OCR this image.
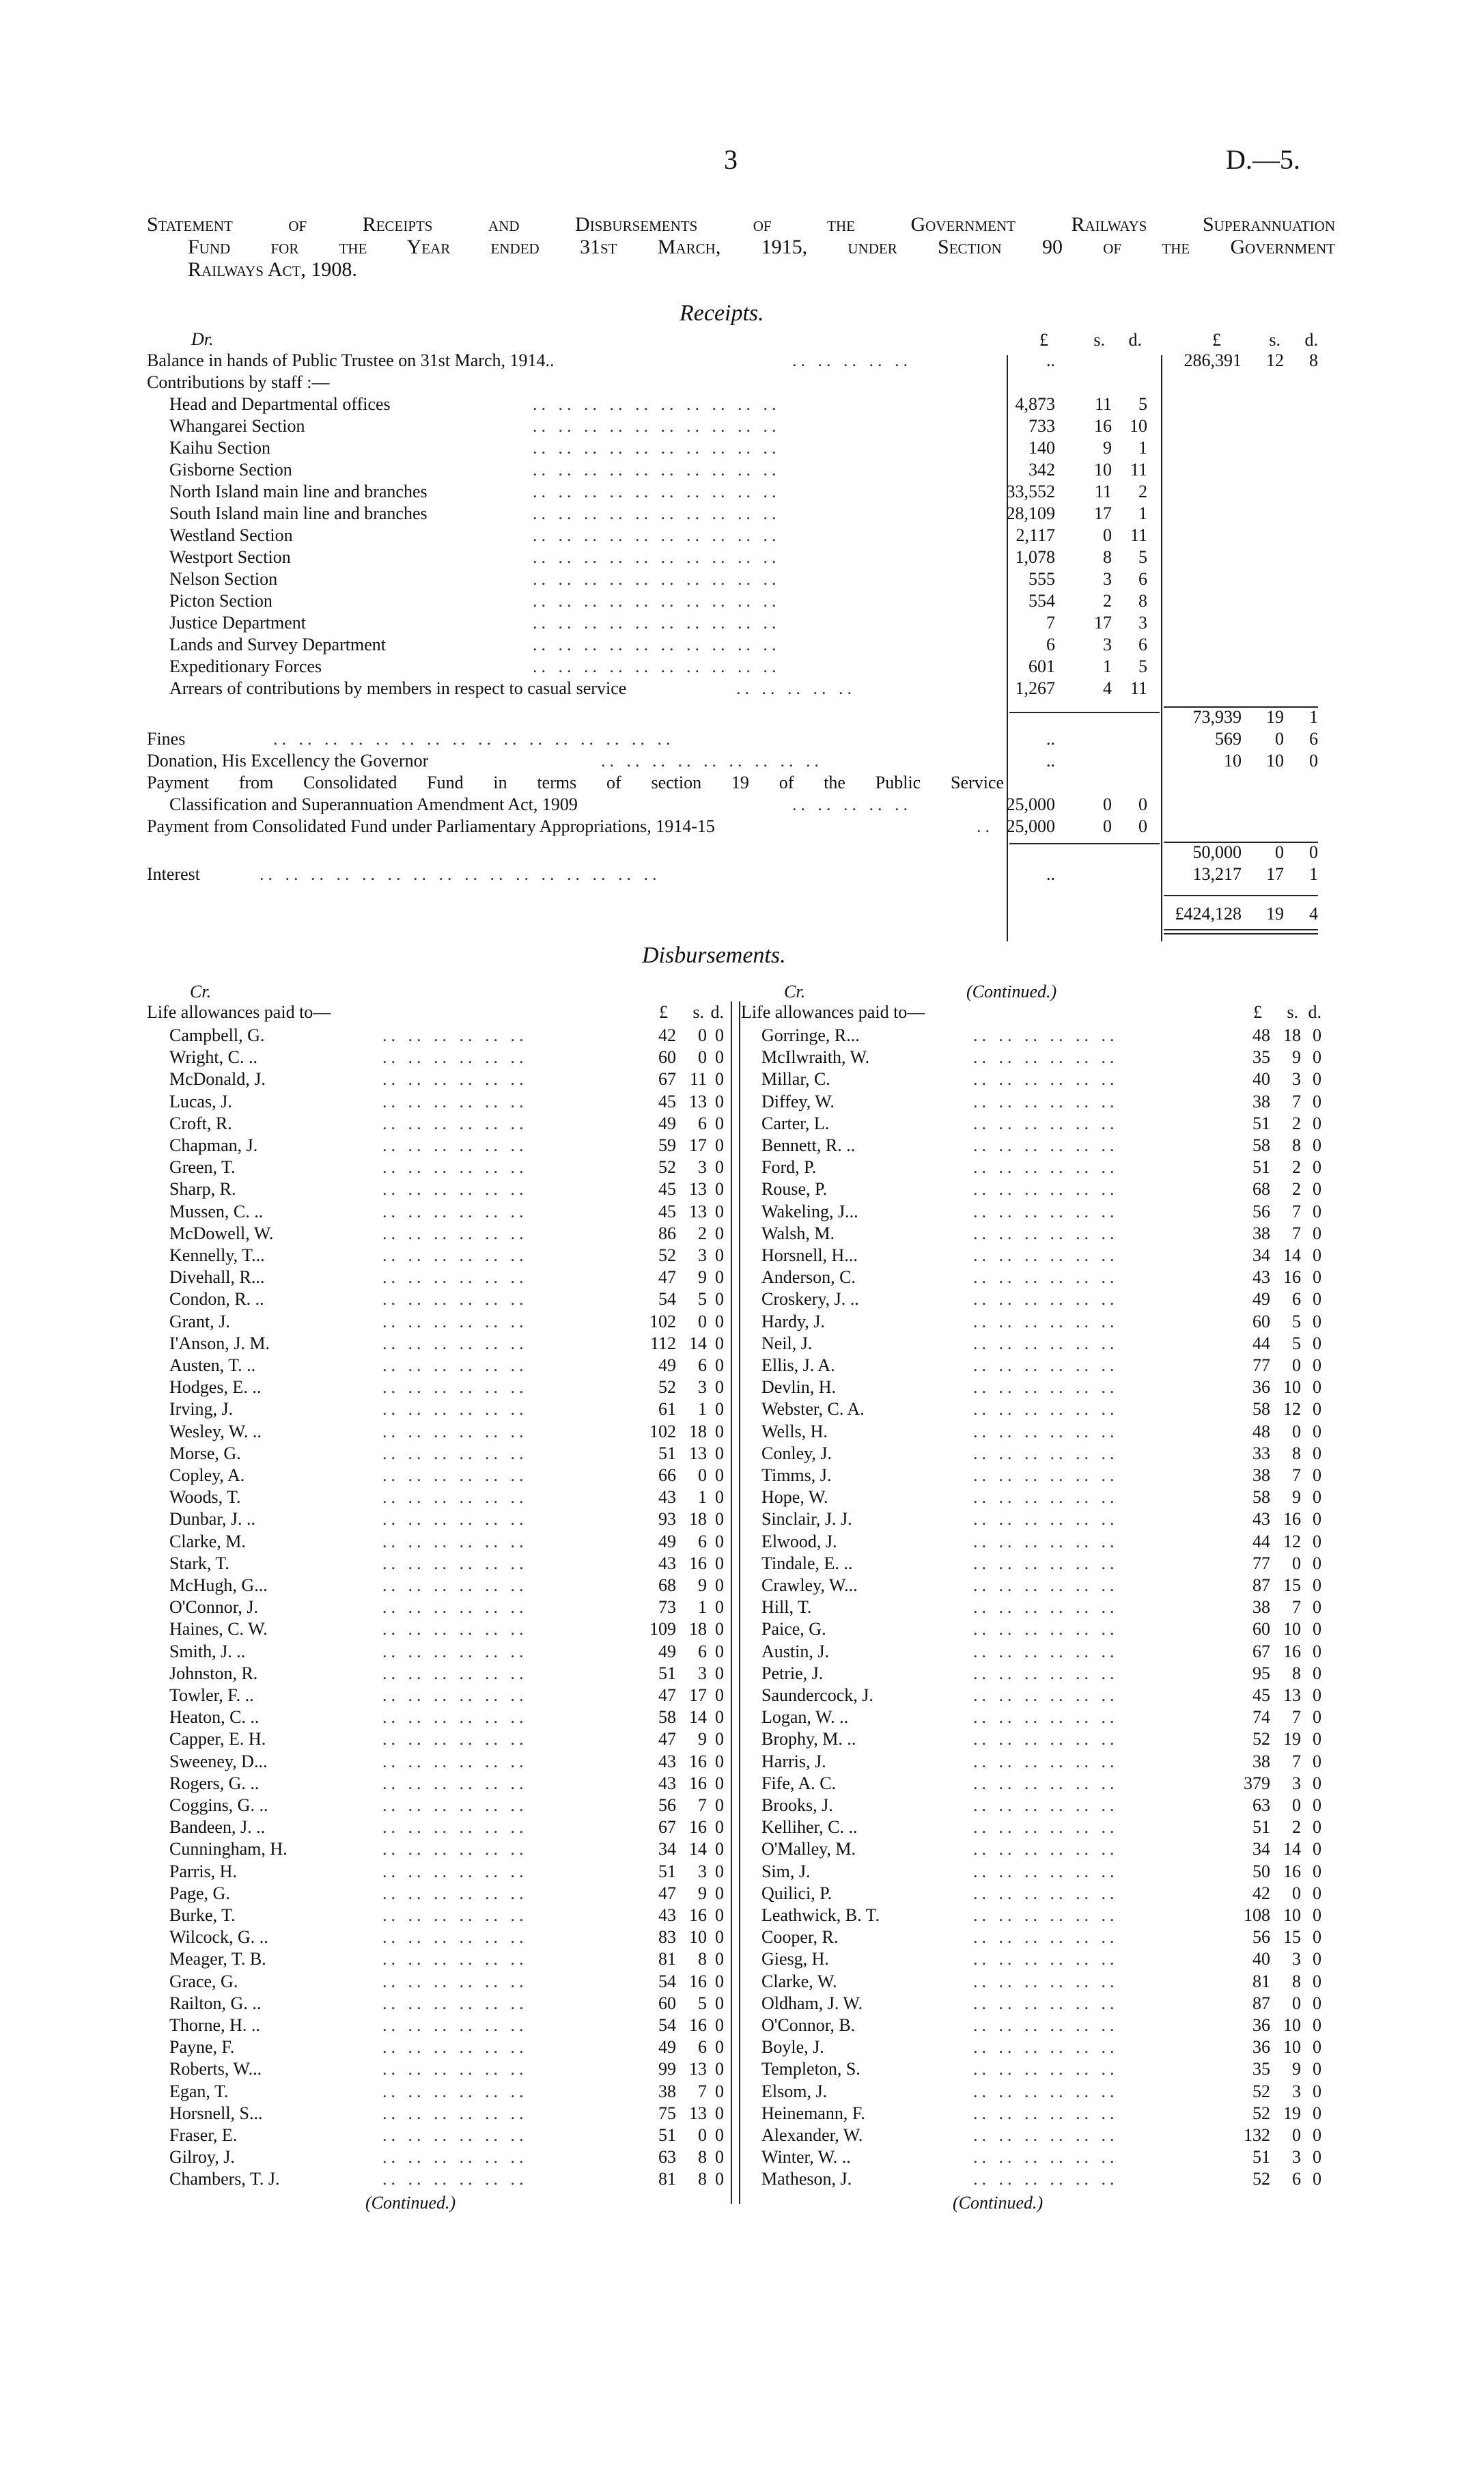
3	D.—5.
Statement of Receipts and Disbursements of the Government Railways Superannuation
Fund for the Year ended 31st March, 1915, under Section 90 of the Government
Railways Act, 1908.
Receipts.
Dr.	£	s.	d.	£	s.	d.
Balance in hands of Public Trustee on 31st March, 1914..	.. .. .. .. ..	..	286,391	12	8
Contributions by staff :—
Head and Departmental offices	.. .. .. .. .. .. .. .. .. ..	4,873	11	5
Whangarei Section	.. .. .. .. .. .. .. .. .. ..	733	16	10
Kaihu Section	.. .. .. .. .. .. .. .. .. ..	140	9	1
Gisborne Section	.. .. .. .. .. .. .. .. .. ..	342	10	11
North Island main line and branches	.. .. .. .. .. .. .. .. .. ..	33,552	11	2
South Island main line and branches	.. .. .. .. .. .. .. .. .. ..	28,109	17	1
Westland Section	.. .. .. .. .. .. .. .. .. ..	2,117	0	11
Westport Section	.. .. .. .. .. .. .. .. .. ..	1,078	8	5
Nelson Section	.. .. .. .. .. .. .. .. .. ..	555	3	6
Picton Section	.. .. .. .. .. .. .. .. .. ..	554	2	8
Justice Department	.. .. .. .. .. .. .. .. .. ..	7	17	3
Lands and Survey Department	.. .. .. .. .. .. .. .. .. ..	6	3	6
Expeditionary Forces	.. .. .. .. .. .. .. .. .. ..	601	1	5
Arrears of contributions by members in respect to casual service	.. .. .. .. ..	1,267	4	11
73,939	19	1
Fines	.. .. .. .. .. .. .. .. .. .. .. .. .. .. .. ..	..	569	0	6
Donation, His Excellency the Governor	.. .. .. .. .. .. .. .. ..	..	10	10	0
Payment from Consolidated Fund in terms of section 19 of the Public Service
Classification and Superannuation Amendment Act, 1909	.. .. .. .. ..	25,000	0	0
Payment from Consolidated Fund under Parliamentary Appropriations, 1914-15	.. 25,000	0	0
50,000	0	0
Interest	.. .. .. .. .. .. .. .. .. .. .. .. .. .. .. ..	..	13,217	17	1
£424,128	19	4
Disbursements.
Cr.	Cr.	(Continued.)
Life allowances paid to—	Life allowances paid to—
£	s. d.	£	s. d.
Campbell, G.	.. .. .. .. .. ..	42	0 0
Wright, C. ..	.. .. .. .. .. ..	60	0 0
McDonald, J.	.. .. .. .. .. ..	67 11 0
Lucas, J.	.. .. .. .. .. ..	45 13 0
Croft, R.	.. .. .. .. .. ..	49	6 0
Chapman, J.	.. .. .. .. .. ..	59 17 0
Green, T.	.. .. .. .. .. ..	52	3 0
Sharp, R.	.. .. .. .. .. ..	45 13 0
Mussen, C. ..	.. .. .. .. .. ..	45 13 0
McDowell, W.	.. .. .. .. .. ..	86	2 0
Kennelly, T...	.. .. .. .. .. ..	52	3 0
Divehall, R...	.. .. .. .. .. ..	47	9 0
Condon, R. ..	.. .. .. .. .. ..	54	5 0
Grant, J.	.. .. .. .. .. ..	102	0 0
I'Anson, J. M.	.. .. .. .. .. ..	112 14 0
Austen, T. ..	.. .. .. .. .. ..	49	6 0
Hodges, E. ..	.. .. .. .. .. ..	52	3 0
Irving, J.	.. .. .. .. .. ..	61	1 0
Wesley, W. ..	.. .. .. .. .. ..	102 18 0
Morse, G.	.. .. .. .. .. ..	51 13 0
Copley, A.	.. .. .. .. .. ..	66	0 0
Woods, T.	.. .. .. .. .. ..	43	1 0
Dunbar, J. ..	.. .. .. .. .. ..	93 18 0
Clarke, M.	.. .. .. .. .. ..	49	6 0
Stark, T.	.. .. .. .. .. ..	43 16 0
McHugh, G...	.. .. .. .. .. ..	68	9 0
O'Connor, J.	.. .. .. .. .. ..	73	1 0
Haines, C. W.	.. .. .. .. .. ..	109 18 0
Smith, J. ..	.. .. .. .. .. ..	49	6 0
Johnston, R.	.. .. .. .. .. ..	51	3 0
Towler, F. ..	.. .. .. .. .. ..	47 17 0
Heaton, C. ..	.. .. .. .. .. ..	58 14 0
Capper, E. H.	.. .. .. .. .. ..	47	9 0
Sweeney, D...	.. .. .. .. .. ..	43 16 0
Rogers, G. ..	.. .. .. .. .. ..	43 16 0
Coggins, G. ..	.. .. .. .. .. ..	56	7 0
Bandeen, J. ..	.. .. .. .. .. ..	67 16 0
Cunningham, H.	.. .. .. .. .. ..	34 14 0
Parris, H.	.. .. .. .. .. ..	51	3 0
Page, G.	.. .. .. .. .. ..	47	9 0
Burke, T.	.. .. .. .. .. ..	43 16 0
Wilcock, G. ..	.. .. .. .. .. ..	83 10 0
Meager, T. B.	.. .. .. .. .. ..	81	8 0
Grace, G.	.. .. .. .. .. ..	54 16 0
Railton, G. ..	.. .. .. .. .. ..	60	5 0
Thorne, H. ..	.. .. .. .. .. ..	54 16 0
Payne, F.	.. .. .. .. .. ..	49	6 0
Roberts, W...	.. .. .. .. .. ..	99 13 0
Egan, T.	.. .. .. .. .. ..	38	7 0
Horsnell, S...	.. .. .. .. .. ..	75 13 0
Fraser, E.	.. .. .. .. .. ..	51	0 0
Gilroy, J.	.. .. .. .. .. ..	63	8 0
Chambers, T. J.	.. .. .. .. .. ..	81	8 0
Gorringe, R...	.. .. .. .. .. ..	48 18 0
McIlwraith, W.	.. .. .. .. .. ..	35	9 0
Millar, C.	.. .. .. .. .. ..	40	3 0
Diffey, W.	.. .. .. .. .. ..	38	7 0
Carter, L.	.. .. .. .. .. ..	51	2 0
Bennett, R. ..	.. .. .. .. .. ..	58	8 0
Ford, P.	.. .. .. .. .. ..	51	2 0
Rouse, P.	.. .. .. .. .. ..	68	2 0
Wakeling, J...	.. .. .. .. .. ..	56	7 0
Walsh, M.	.. .. .. .. .. ..	38	7 0
Horsnell, H...	.. .. .. .. .. ..	34 14 0
Anderson, C.	.. .. .. .. .. ..	43 16 0
Croskery, J. ..	.. .. .. .. .. ..	49	6 0
Hardy, J.	.. .. .. .. .. ..	60	5 0
Neil, J.	.. .. .. .. .. ..	44	5 0
Ellis, J. A.	.. .. .. .. .. ..	77	0 0
Devlin, H.	.. .. .. .. .. ..	36 10 0
Webster, C. A.	.. .. .. .. .. ..	58 12 0
Wells, H.	.. .. .. .. .. ..	48	0 0
Conley, J.	.. .. .. .. .. ..	33	8 0
Timms, J.	.. .. .. .. .. ..	38	7 0
Hope, W.	.. .. .. .. .. ..	58	9 0
Sinclair, J. J.	.. .. .. .. .. ..	43 16 0
Elwood, J.	.. .. .. .. .. ..	44 12 0
Tindale, E. ..	.. .. .. .. .. ..	77	0 0
Crawley, W...	.. .. .. .. .. ..	87 15 0
Hill, T.	.. .. .. .. .. ..	38	7 0
Paice, G.	.. .. .. .. .. ..	60 10 0
Austin, J.	.. .. .. .. .. ..	67 16 0
Petrie, J.	.. .. .. .. .. ..	95	8 0
Saundercock, J.	.. .. .. .. .. ..	45 13 0
Logan, W. ..	.. .. .. .. .. ..	74	7 0
Brophy, M. ..	.. .. .. .. .. ..	52 19 0
Harris, J.	.. .. .. .. .. ..	38	7 0
Fife, A. C.	.. .. .. .. .. ..	379	3 0
Brooks, J.	.. .. .. .. .. ..	63	0 0
Kelliher, C. ..	.. .. .. .. .. ..	51	2 0
O'Malley, M.	.. .. .. .. .. ..	34 14 0
Sim, J.	.. .. .. .. .. ..	50 16 0
Quilici, P.	.. .. .. .. .. ..	42	0 0
Leathwick, B. T.	.. .. .. .. .. ..	108 10 0
Cooper, R.	.. .. .. .. .. ..	56 15 0
Giesg, H.	.. .. .. .. .. ..	40	3 0
Clarke, W.	.. .. .. .. .. ..	81	8 0
Oldham, J. W.	.. .. .. .. .. ..	87	0 0
O'Connor, B.	.. .. .. .. .. ..	36 10 0
Boyle, J.	.. .. .. .. .. ..	36 10 0
Templeton, S.	.. .. .. .. .. ..	35	9 0
Elsom, J.	.. .. .. .. .. ..	52	3 0
Heinemann, F.	.. .. .. .. .. ..	52 19 0
Alexander, W.	.. .. .. .. .. ..	132	0 0
Winter, W. ..	.. .. .. .. .. ..	51	3 0
Matheson, J.	.. .. .. .. .. ..	52	6 0
(Continued.)	(Continued.)
